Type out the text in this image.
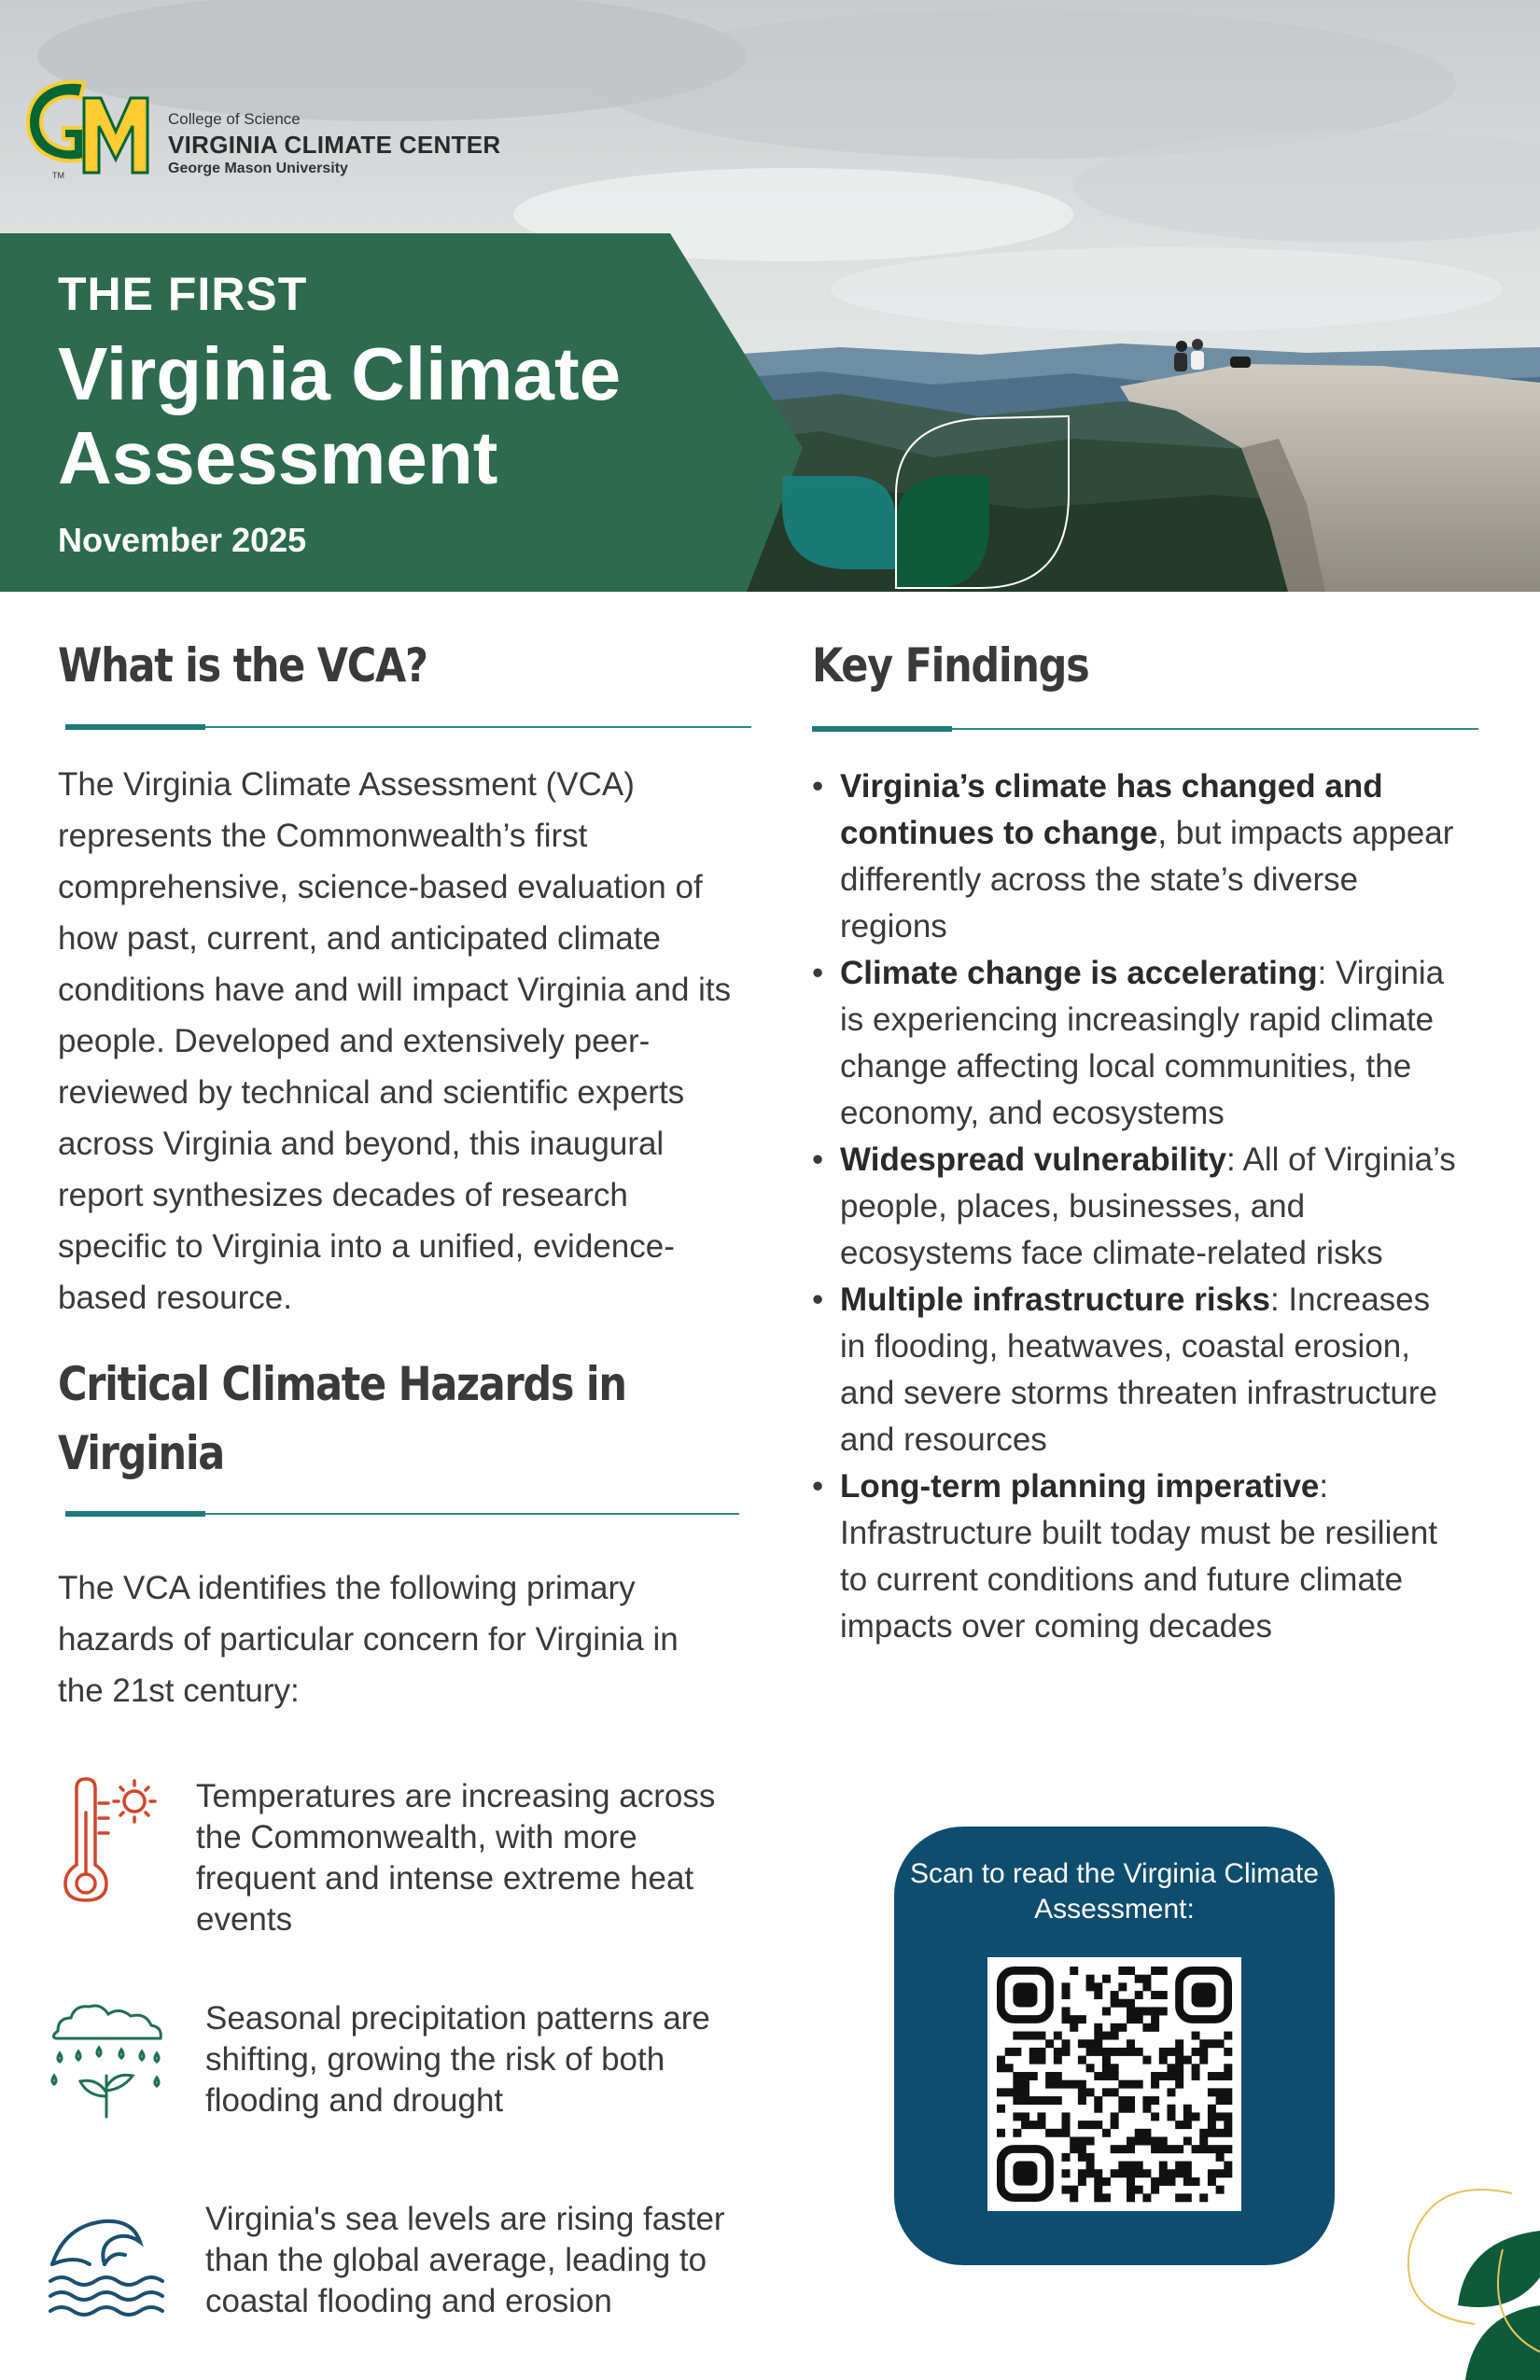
TM
College of Science
VIRGINIA CLIMATE CENTER
George Mason University
THE FIRST
Virginia Climate
Assessment
November 2025
What is the VCA?

The Virginia Climate Assessment (VCA) represents the Commonwealth’s first comprehensive, science-based evaluation of how past, current, and anticipated climate conditions have and will impact Virginia and its people. Developed and extensively peer-reviewed by technical and scientific experts across Virginia and beyond, this inaugural report synthesizes decades of research specific to Virginia into a unified, evidence-based resource.

Critical Climate Hazards in
Virginia

The VCA identifies the following primary hazards of particular concern for Virginia in the 21st century:

Temperatures are increasing across the Commonwealth, with more frequent and intense extreme heat events
Seasonal precipitation patterns are shifting, growing the risk of both flooding and drought
Virginia's sea levels are rising faster than the global average, leading to coastal flooding and erosion
Key Findings
• Virginia’s climate has changed and continues to change, but impacts appear differently across the state’s diverse regions
• Climate change is accelerating: Virginia is experiencing increasingly rapid climate change affecting local communities, the economy, and ecosystems
• Widespread vulnerability: All of Virginia’s people, places, businesses, and ecosystems face climate-related risks
• Multiple infrastructure risks: Increases in flooding, heatwaves, coastal erosion, and severe storms threaten infrastructure and resources
• Long-term planning imperative: Infrastructure built today must be resilient to current conditions and future climate impacts over coming decades
Scan to read the Virginia Climate Assessment:
